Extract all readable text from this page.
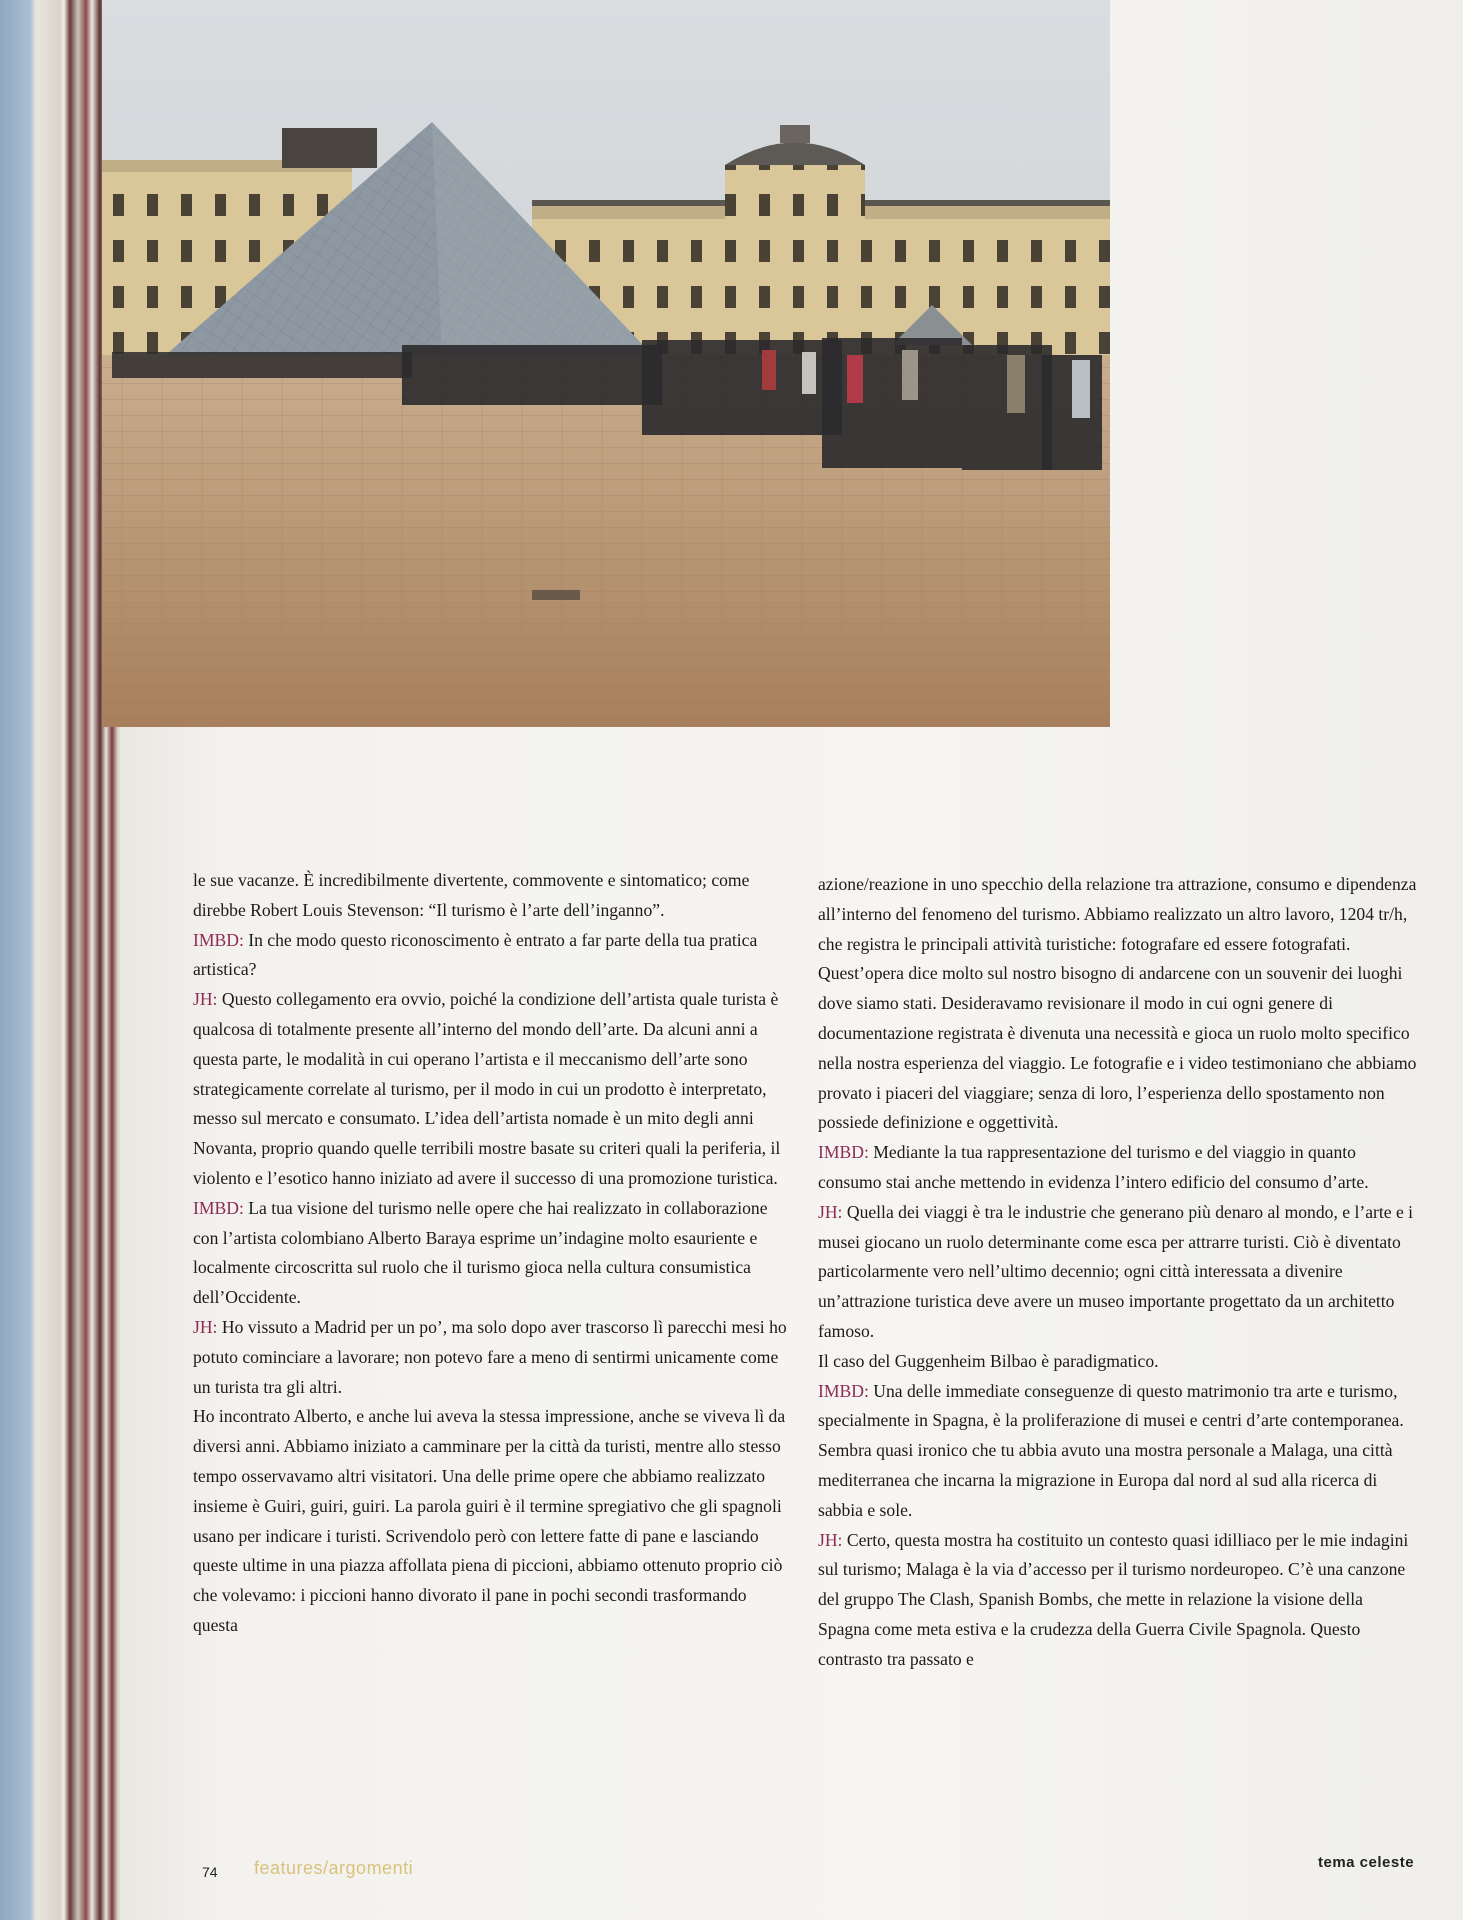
le sue vacanze. È incredibilmente divertente, commovente e sintomatico; come direbbe Robert Louis Stevenson: “Il turismo è l’arte dell’inganno”.

IMBD: In che modo questo riconoscimento è entrato a far parte della tua pratica artistica?

JH: Questo collegamento era ovvio, poiché la condizione dell’artista quale turista è qualcosa di totalmente presente all’interno del mondo dell’arte. Da alcuni anni a questa parte, le modalità in cui operano l’artista e il meccanismo dell’arte sono strategicamente correlate al turismo, per il modo in cui un prodotto è interpretato, messo sul mercato e consumato. L’idea dell’artista nomade è un mito degli anni Novanta, proprio quando quelle terribili mostre basate su criteri quali la periferia, il violento e l’esotico hanno iniziato ad avere il successo di una promozione turistica.

IMBD: La tua visione del turismo nelle opere che hai realizzato in collaborazione con l’artista colombiano Alberto Baraya esprime un’indagine molto esauriente e localmente circoscritta sul ruolo che il turismo gioca nella cultura consumistica dell’Occidente.

JH: Ho vissuto a Madrid per un po’, ma solo dopo aver trascorso lì parecchi mesi ho potuto cominciare a lavorare; non potevo fare a meno di sentirmi unicamente come un turista tra gli altri.

Ho incontrato Alberto, e anche lui aveva la stessa impressione, anche se viveva lì da diversi anni. Abbiamo iniziato a camminare per la città da turisti, mentre allo stesso tempo osservavamo altri visitatori. Una delle prime opere che abbiamo realizzato insieme è Guiri, guiri, guiri. La parola guiri è il termine spregiativo che gli spagnoli usano per indicare i turisti. Scrivendolo però con lettere fatte di pane e lasciando queste ultime in una piazza affollata piena di piccioni, abbiamo ottenuto proprio ciò che volevamo: i piccioni hanno divorato il pane in pochi secondi trasformando questa

azione/reazione in uno specchio della relazione tra attrazione, consumo e dipendenza all’interno del fenomeno del turismo. Abbiamo realizzato un altro lavoro, 1204 tr/h, che registra le principali attività turistiche: fotografare ed essere fotografati. Quest’opera dice molto sul nostro bisogno di andarcene con un souvenir dei luoghi dove siamo stati. Desideravamo revisionare il modo in cui ogni genere di documentazione registrata è divenuta una necessità e gioca un ruolo molto specifico nella nostra esperienza del viaggio. Le fotografie e i video testimoniano che abbiamo provato i piaceri del viaggiare; senza di loro, l’esperienza dello spostamento non possiede definizione e oggettività.

IMBD: Mediante la tua rappresentazione del turismo e del viaggio in quanto consumo stai anche mettendo in evidenza l’intero edificio del consumo d’arte.

JH: Quella dei viaggi è tra le industrie che generano più denaro al mondo, e l’arte e i musei giocano un ruolo determinante come esca per attrarre turisti. Ciò è diventato particolarmente vero nell’ultimo decennio; ogni città interessata a divenire un’attrazione turistica deve avere un museo importante progettato da un architetto famoso.

Il caso del Guggenheim Bilbao è paradigmatico.

IMBD: Una delle immediate conseguenze di questo matrimonio tra arte e turismo, specialmente in Spagna, è la proliferazione di musei e centri d’arte contemporanea. Sembra quasi ironico che tu abbia avuto una mostra personale a Malaga, una città mediterranea che incarna la migrazione in Europa dal nord al sud alla ricerca di sabbia e sole.

JH: Certo, questa mostra ha costituito un contesto quasi idilliaco per le mie indagini sul turismo; Malaga è la via d’accesso per il turismo nordeuropeo. C’è una canzone del gruppo The Clash, Spanish Bombs, che mette in relazione la visione della Spagna come meta estiva e la crudezza della Guerra Civile Spagnola. Questo contrasto tra passato e

74 features/argomenti	tema celeste
